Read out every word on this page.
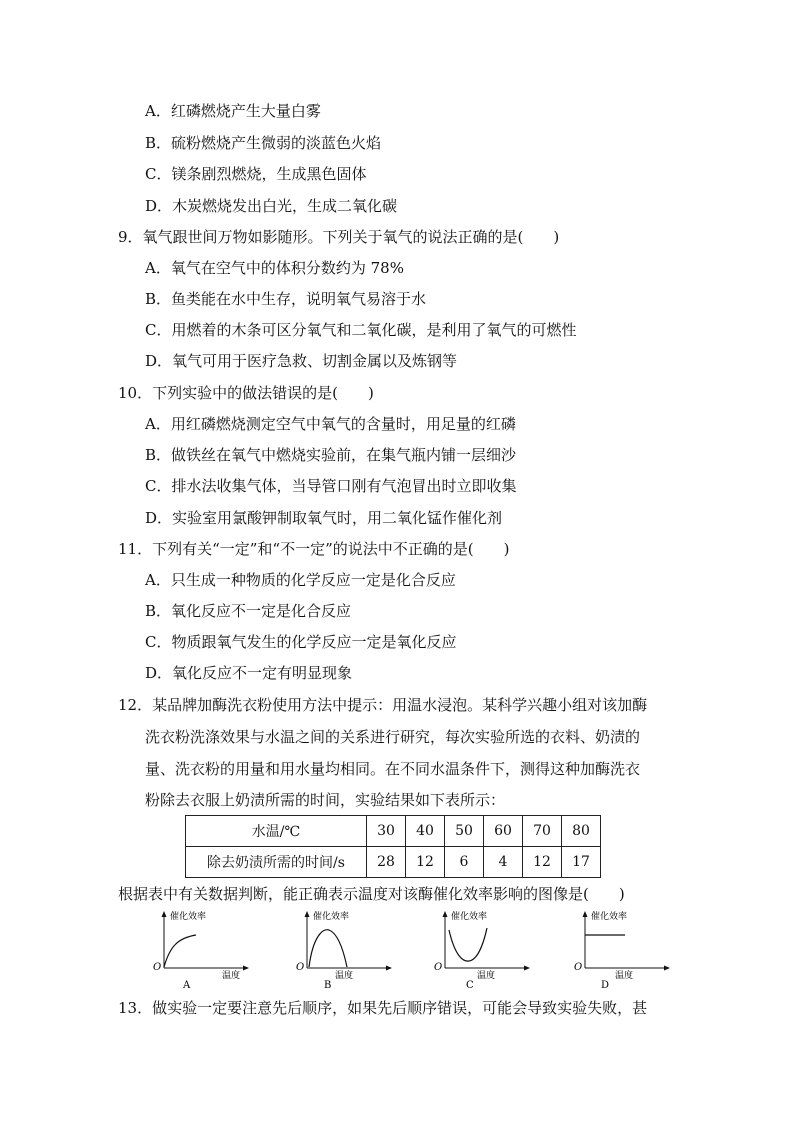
A．红磷燃烧产生大量白雾
B．硫粉燃烧产生微弱的淡蓝色火焰
C．镁条剧烈燃烧，生成黑色固体
D．木炭燃烧发出白光，生成二氧化碳
9．氧气跟世间万物如影随形。下列关于氧气的说法正确的是(　　)
A．氧气在空气中的体积分数约为 78%
B．鱼类能在水中生存，说明氧气易溶于水
C．用燃着的木条可区分氧气和二氧化碳，是利用了氧气的可燃性
D．氧气可用于医疗急救、切割金属以及炼钢等
10．下列实验中的做法错误的是(　　)
A．用红磷燃烧测定空气中氧气的含量时，用足量的红磷
B．做铁丝在氧气中燃烧实验前，在集气瓶内铺一层细沙
C．排水法收集气体，当导管口刚有气泡冒出时立即收集
D．实验室用氯酸钾制取氧气时，用二氧化锰作催化剂
11．下列有关“一定”和“不一定”的说法中不正确的是(　　)
A．只生成一种物质的化学反应一定是化合反应
B．氧化反应不一定是化合反应
C．物质跟氧气发生的化学反应一定是氧化反应
D．氧化反应不一定有明显现象
12．某品牌加酶洗衣粉使用方法中提示：用温水浸泡。某科学兴趣小组对该加酶
洗衣粉洗涤效果与水温之间的关系进行研究，每次实验所选的衣料、奶渍的
量、洗衣粉的用量和用水量均相同。在不同水温条件下，测得这种加酶洗衣
粉除去衣服上奶渍所需的时间，实验结果如下表所示：
水温/℃	30	40	50	60	70	80
除去奶渍所需的时间/s	28	12	6	4	12	17
根据表中有关数据判断，能正确表示温度对该酶催化效率影响的图像是(　　)
催化效率
O
温度
A
催化效率
O
温度
B
催化效率
O
温度
C
催化效率
O
温度
D
13．做实验一定要注意先后顺序，如果先后顺序错误，可能会导致实验失败，甚
